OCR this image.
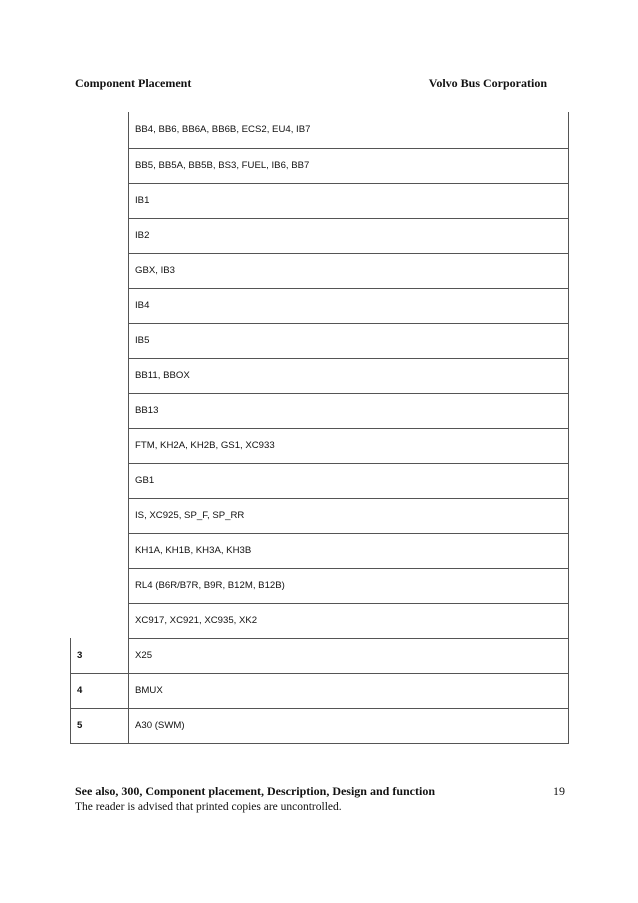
Component Placement	Volvo Bus Corporation
	BB4, BB6, BB6A, BB6B, ECS2, EU4, IB7
	BB5, BB5A, BB5B, BS3, FUEL, IB6, BB7
	IB1
	IB2
	GBX, IB3
	IB4
	IB5
	BB11, BBOX
	BB13
	FTM, KH2A, KH2B, GS1, XC933
	GB1
	IS, XC925, SP_F, SP_RR
	KH1A, KH1B, KH3A, KH3B
	RL4 (B6R/B7R, B9R, B12M, B12B)
	XC917, XC921, XC935, XK2
3	X25
4	BMUX
5	A30 (SWM)
See also, 300, Component placement, Description, Design and function
The reader is advised that printed copies are uncontrolled.
19
